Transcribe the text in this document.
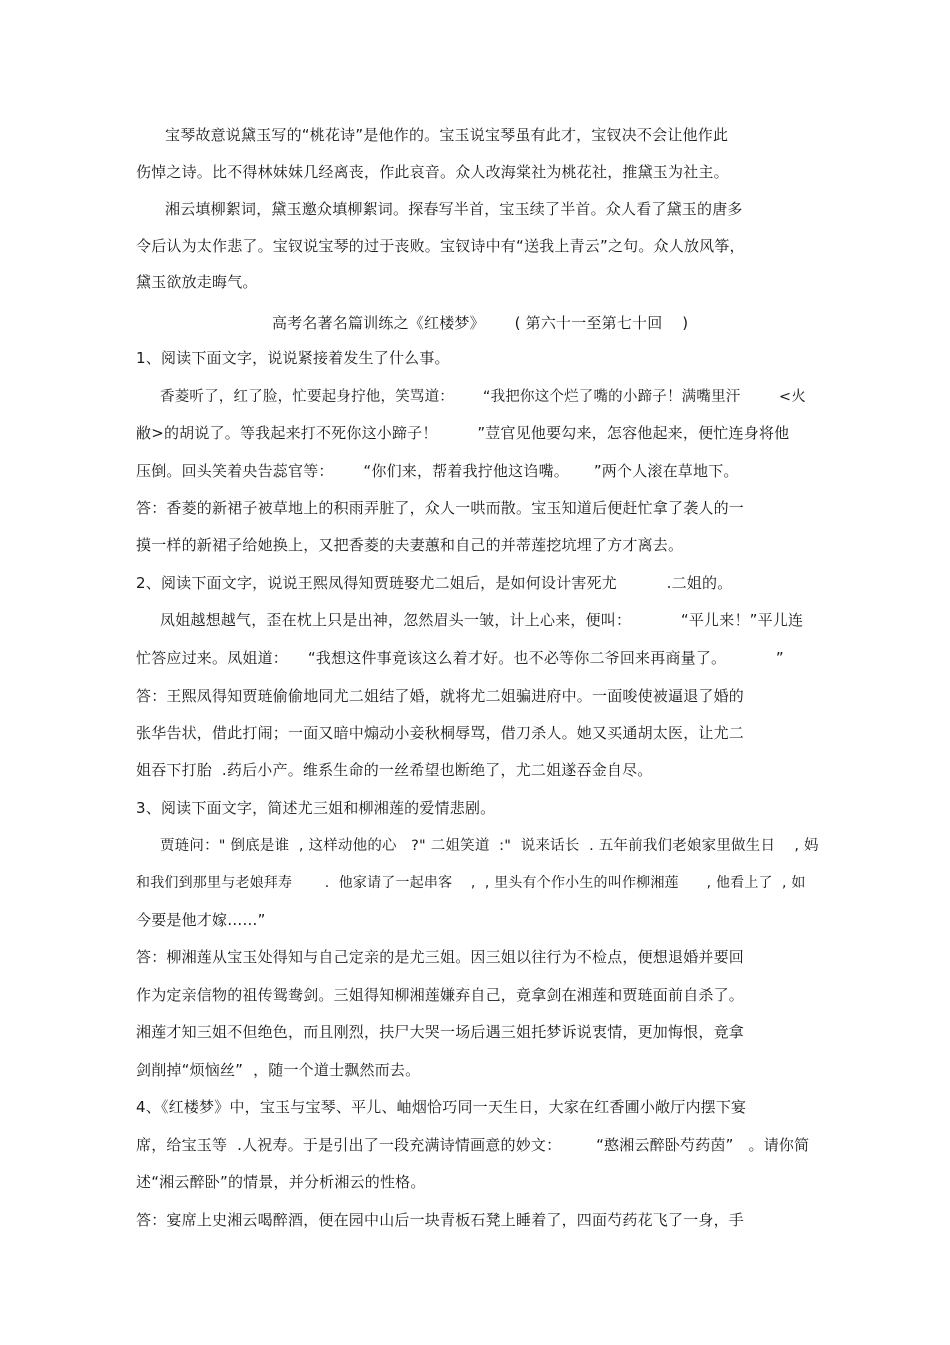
宝琴故意说黛玉写的“桃花诗”是他作的。宝玉说宝琴虽有此才，宝钗决不会让他作此
伤悼之诗。比不得林妹妹几经离丧，作此哀音。众人改海棠社为桃花社，推黛玉为社主。
湘云填柳絮词，黛玉邀众填柳絮词。探春写半首，宝玉续了半首。众人看了黛玉的唐多
令后认为太作悲了。宝钗说宝琴的过于丧败。宝钗诗中有“送我上青云”之句。众人放风筝，
黛玉欲放走晦气。
高考名著名篇训练之《红楼梦》      ( 第六十一至第七十回    )
1、阅读下面文字，说说紧接着发生了什么事。
香菱听了，红了脸，忙要起身拧他，笑骂道：      “我把你这个烂了嘴的小蹄子！满嘴里汗        <火
敝>的胡说了。等我起来打不死你这小蹄子！        ”荳官见他要勾来，怎容他起来，便忙连身将他
压倒。回头笑着央告蕊官等：      “你们来，帮着我拧他这诌嘴。     ”两个人滚在草地下。
答：香菱的新裙子被草地上的积雨弄脏了，众人一哄而散。宝玉知道后便赶忙拿了袭人的一
摸一样的新裙子给她换上，又把香菱的夫妻蕙和自己的并蒂莲挖坑埋了方才离去。
2、阅读下面文字，说说王熙凤得知贾琏娶尤二姐后，是如何设计害死尤          .二姐的。
凤姐越想越气，歪在枕上只是出神，忽然眉头一皱，计上心来，便叫：          “平儿来！”平儿连
忙答应过来。凤姐道：    “我想这件事竟该这么着才好。也不必等你二爷回来再商量了。          ”
答：王熙凤得知贾琏偷偷地同尤二姐结了婚，就将尤二姐骗进府中。一面唆使被逼退了婚的
张华告状，借此打闹；一面又暗中煽动小妾秋桐辱骂，借刀杀人。她又买通胡太医，让尤二
姐吞下打胎  .药后小产。维系生命的一丝希望也断绝了，尤二姐遂吞金自尽。
3、阅读下面文字，简述尤三姐和柳湘莲的爱情悲剧。
贾琏问：" 倒底是谁  , 这样动他的心   ?" 二姐笑道  :"  说来话长  . 五年前我们老娘家里做生日    , 妈
和我们到那里与老娘拜寿       .  他家请了一起串客    ,  , 里头有个作小生的叫作柳湘莲      , 他看上了  , 如
今要是他才嫁……”
答：柳湘莲从宝玉处得知与自己定亲的是尤三姐。因三姐以往行为不检点，便想退婚并要回
作为定亲信物的祖传鸳鸯剑。三姐得知柳湘莲嫌弃自己，竟拿剑在湘莲和贾琏面前自杀了。
湘莲才知三姐不但绝色，而且刚烈，扶尸大哭一场后遇三姐托梦诉说衷情，更加悔恨，竟拿
剑削掉“烦恼丝”  ，随一个道士飘然而去。
4、《红楼梦》中，宝玉与宝琴、平儿、岫烟恰巧同一天生日，大家在红香圃小敞厅内摆下宴
席，给宝玉等  .人祝寿。于是引出了一段充满诗情画意的妙文：       “憨湘云醉卧芍药茵”   。请你简
述“湘云醉卧”的情景，并分析湘云的性格。
答：宴席上史湘云喝醉酒，便在园中山后一块青板石凳上睡着了，四面芍药花飞了一身，手
